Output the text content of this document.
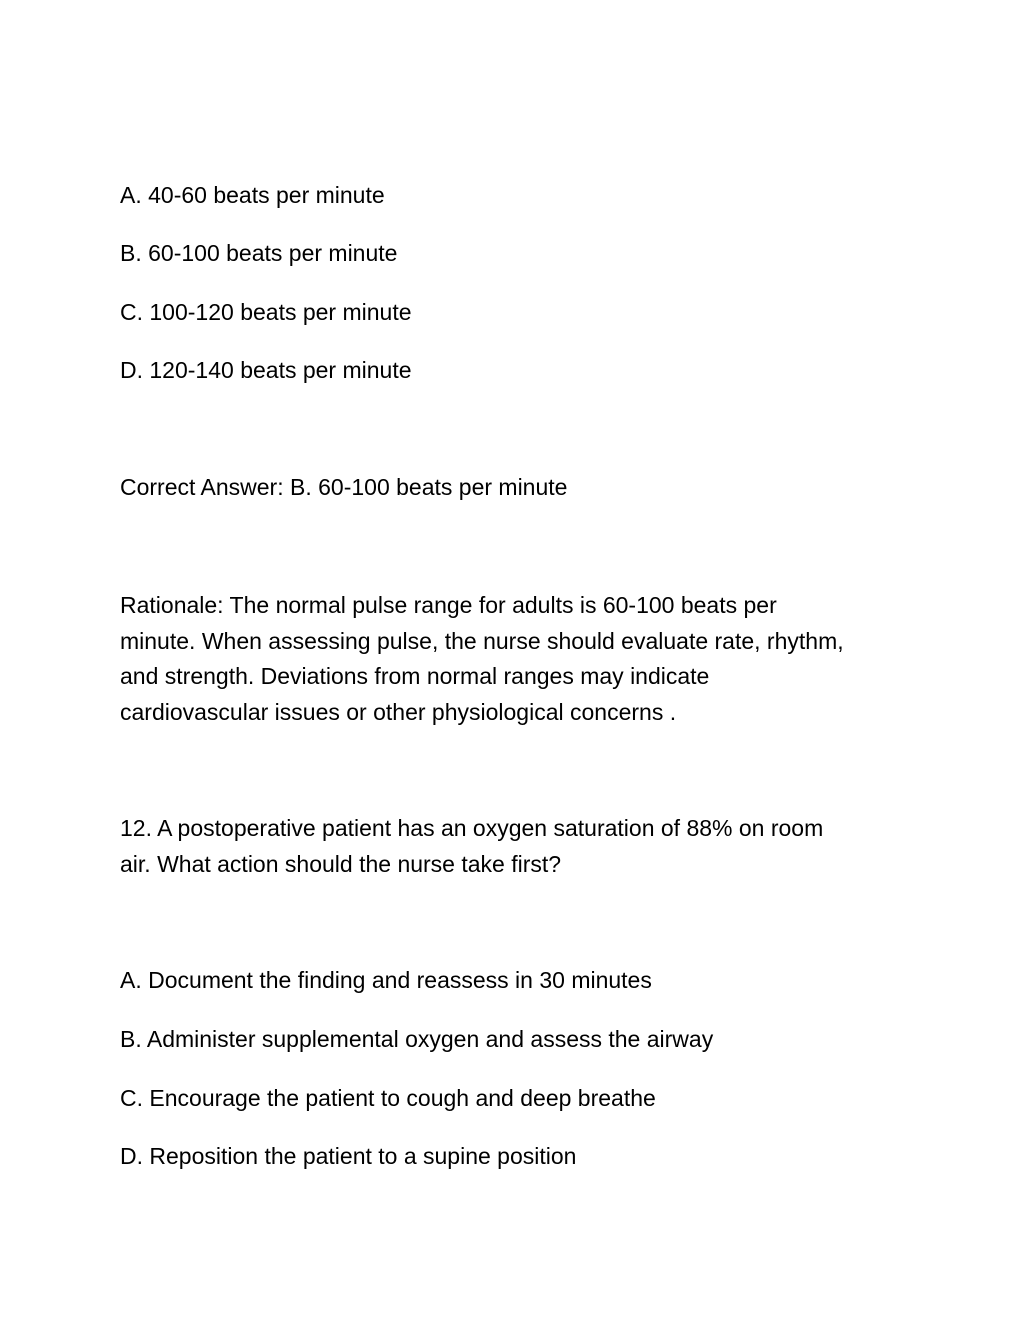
A. 40-60 beats per minute
B. 60-100 beats per minute
C. 100-120 beats per minute
D. 120-140 beats per minute
Correct Answer: B. 60-100 beats per minute
Rationale: The normal pulse range for adults is 60-100 beats per
minute. When assessing pulse, the nurse should evaluate rate, rhythm,
and strength. Deviations from normal ranges may indicate
cardiovascular issues or other physiological concerns .
12. A postoperative patient has an oxygen saturation of 88% on room
air. What action should the nurse take first?
A. Document the finding and reassess in 30 minutes
B. Administer supplemental oxygen and assess the airway
C. Encourage the patient to cough and deep breathe
D. Reposition the patient to a supine position
